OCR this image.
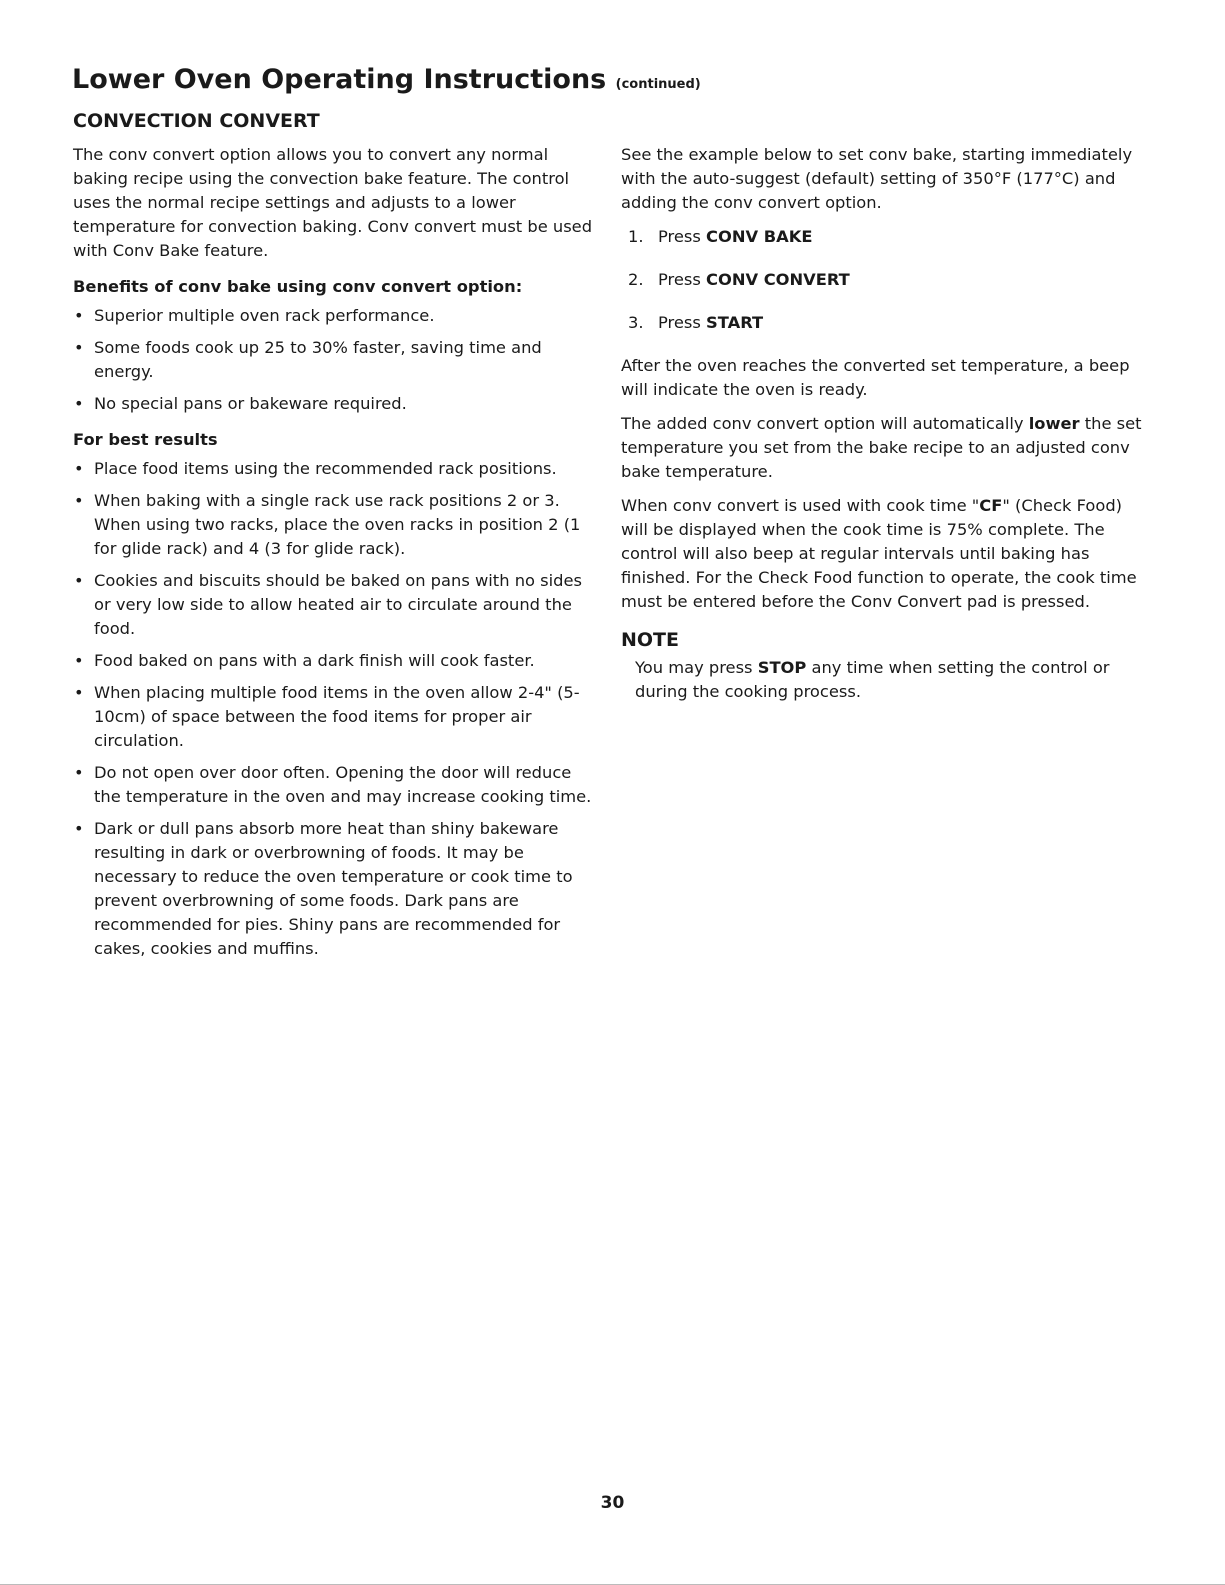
Lower Oven Operating Instructions (continued)
CONVECTION CONVERT

The conv convert option allows you to convert any normal baking recipe using the convection bake feature. The control uses the normal recipe settings and adjusts to a lower temperature for convection baking. Conv convert must be used with Conv Bake feature.

Benefits of conv bake using conv convert option:
• Superior multiple oven rack performance.
• Some foods cook up 25 to 30% faster, saving time and energy.
• No special pans or bakeware required.
For best results
• Place food items using the recommended rack positions.
• When baking with a single rack use rack positions 2 or 3. When using two racks, place the oven racks in position 2 (1 for glide rack) and 4 (3 for glide rack).
• Cookies and biscuits should be baked on pans with no sides or very low side to allow heated air to circulate around the food.
• Food baked on pans with a dark finish will cook faster.
• When placing multiple food items in the oven allow 2-4" (5-10cm) of space between the food items for proper air circulation.
• Do not open over door often. Opening the door will reduce the temperature in the oven and may increase cooking time.
• Dark or dull pans absorb more heat than shiny bakeware resulting in dark or overbrowning of foods. It may be necessary to reduce the oven temperature or cook time to prevent overbrowning of some foods. Dark pans are recommended for pies. Shiny pans are recommended for cakes, cookies and muffins.

See the example below to set conv bake, starting immediately with the auto-suggest (default) setting of 350°F (177°C) and adding the conv convert option.

1. Press CONV BAKE
2. Press CONV CONVERT
3. Press START

After the oven reaches the converted set temperature, a beep will indicate the oven is ready.

The added conv convert option will automatically lower the set temperature you set from the bake recipe to an adjusted conv bake temperature.

When conv convert is used with cook time "CF" (Check Food) will be displayed when the cook time is 75% complete. The control will also beep at regular intervals until baking has finished. For the Check Food function to operate, the cook time must be entered before the Conv Convert pad is pressed.

NOTE

You may press STOP any time when setting the control or during the cooking process.

30
